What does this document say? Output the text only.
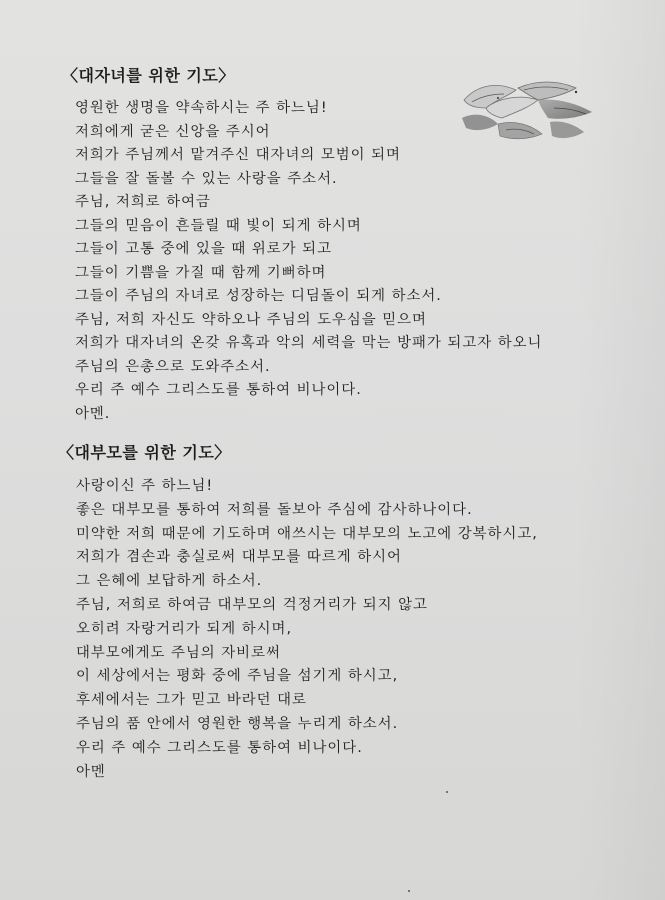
〈대자녀를 위한 기도〉
영원한 생명을 약속하시는 주 하느님!
저희에게 굳은 신앙을 주시어
저희가 주님께서 맡겨주신 대자녀의 모범이 되며
그들을 잘 돌볼 수 있는 사랑을 주소서.
주님, 저희로 하여금
그들의 믿음이 흔들릴 때 빛이 되게 하시며
그들이 고통 중에 있을 때 위로가 되고
그들이 기쁨을 가질 때 함께 기뻐하며
그들이 주님의 자녀로 성장하는 디딤돌이 되게 하소서.
주님, 저희 자신도 약하오나 주님의 도우심을 믿으며
저희가 대자녀의 온갖 유혹과 악의 세력을 막는 방패가 되고자 하오니
주님의 은총으로 도와주소서.
우리 주 예수 그리스도를 통하여 비나이다.
아멘.
〈대부모를 위한 기도〉
사랑이신 주 하느님!
좋은 대부모를 통하여 저희를 돌보아 주심에 감사하나이다.
미약한 저희 때문에 기도하며 애쓰시는 대부모의 노고에 강복하시고,
저희가 겸손과 충실로써 대부모를 따르게 하시어
그 은혜에 보답하게 하소서.
주님, 저희로 하여금 대부모의 걱정거리가 되지 않고
오히려 자랑거리가 되게 하시며,
대부모에게도 주님의 자비로써
이 세상에서는 평화 중에 주님을 섬기게 하시고,
후세에서는 그가 믿고 바라던 대로
주님의 품 안에서 영원한 행복을 누리게 하소서.
우리 주 예수 그리스도를 통하여 비나이다.
아멘
